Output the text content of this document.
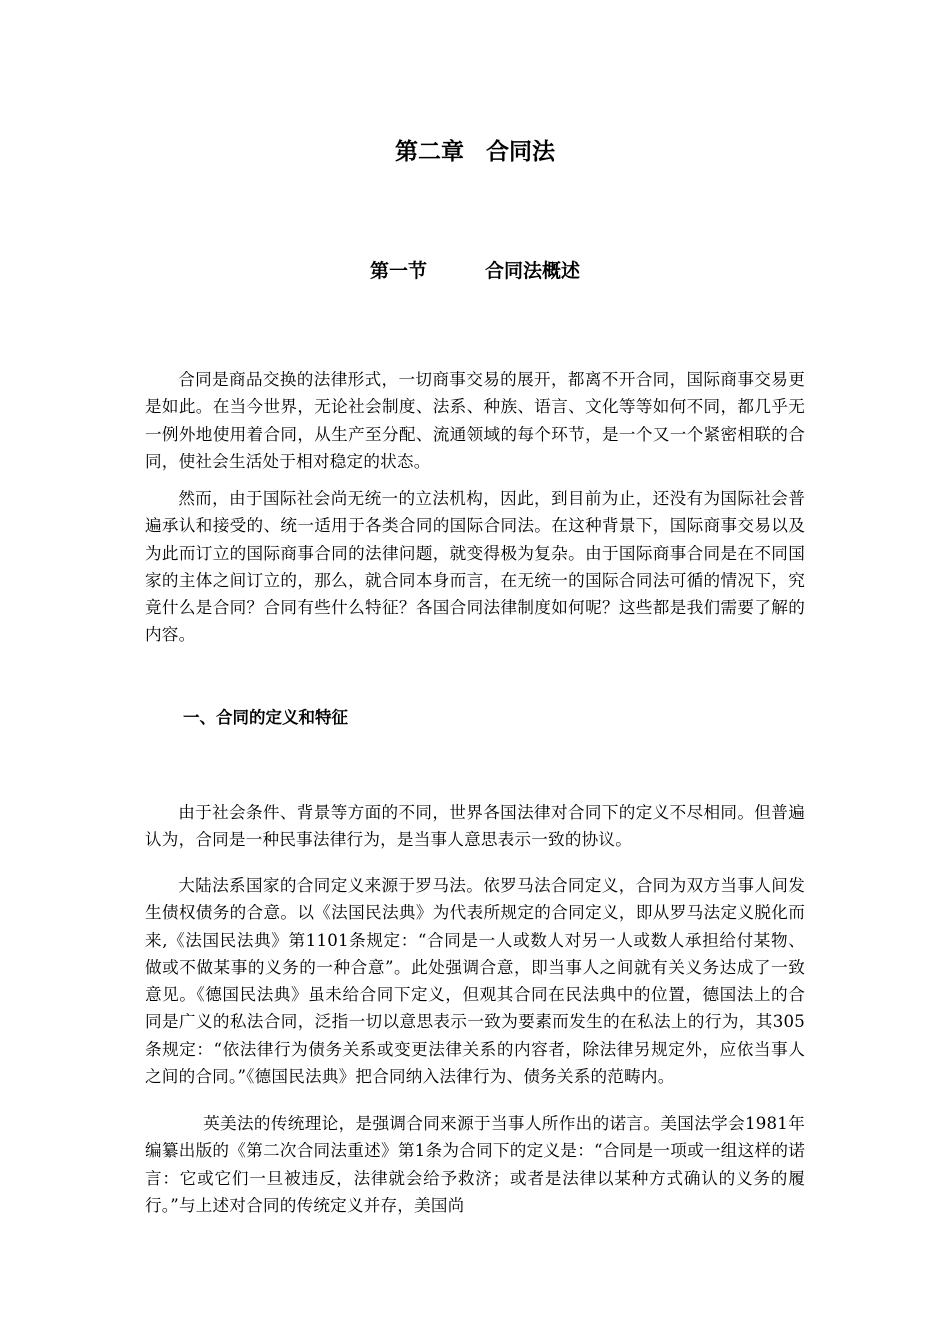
第二章 合同法
第一节	合同法概述

合同是商品交换的法律形式，一切商事交易的展开，都离不开合同，国际商事交易更是如此。在当今世界，无论社会制度、法系、种族、语言、文化等等如何不同，都几乎无一例外地使用着合同，从生产至分配、流通领域的每个环节，是一个又一个紧密相联的合同，使社会生活处于相对稳定的状态。

然而，由于国际社会尚无统一的立法机构，因此，到目前为止，还没有为国际社会普遍承认和接受的、统一适用于各类合同的国际合同法。在这种背景下，国际商事交易以及为此而订立的国际商事合同的法律问题，就变得极为复杂。由于国际商事合同是在不同国家的主体之间订立的，那么，就合同本身而言，在无统一的国际合同法可循的情况下，究竟什么是合同？合同有些什么特征？各国合同法律制度如何呢？这些都是我们需要了解的内容。

一、合同的定义和特征

由于社会条件、背景等方面的不同，世界各国法律对合同下的定义不尽相同。但普遍认为，合同是一种民事法律行为，是当事人意思表示一致的协议。

大陆法系国家的合同定义来源于罗马法。依罗马法合同定义，合同为双方当事人间发生债权债务的合意。以《法国民法典》为代表所规定的合同定义，即从罗马法定义脱化而来,《法国民法典》第1101条规定：“合同是一人或数人对另一人或数人承担给付某物、做或不做某事的义务的一种合意”。此处强调合意，即当事人之间就有关义务达成了一致意见。《德国民法典》虽未给合同下定义，但观其合同在民法典中的位置，德国法上的合同是广义的私法合同，泛指一切以意思表示一致为要素而发生的在私法上的行为，其305条规定：“依法律行为债务关系或变更法律关系的内容者，除法律另规定外，应依当事人之间的合同。”《德国民法典》把合同纳入法律行为、债务关系的范畴内。

英美法的传统理论，是强调合同来源于当事人所作出的诺言。美国法学会1981年编纂出版的《第二次合同法重述》第1条为合同下的定义是：“合同是一项或一组这样的诺言：它或它们一旦被违反，法律就会给予救济；或者是法律以某种方式确认的义务的履行。”与上述对合同的传统定义并存，美国尚
